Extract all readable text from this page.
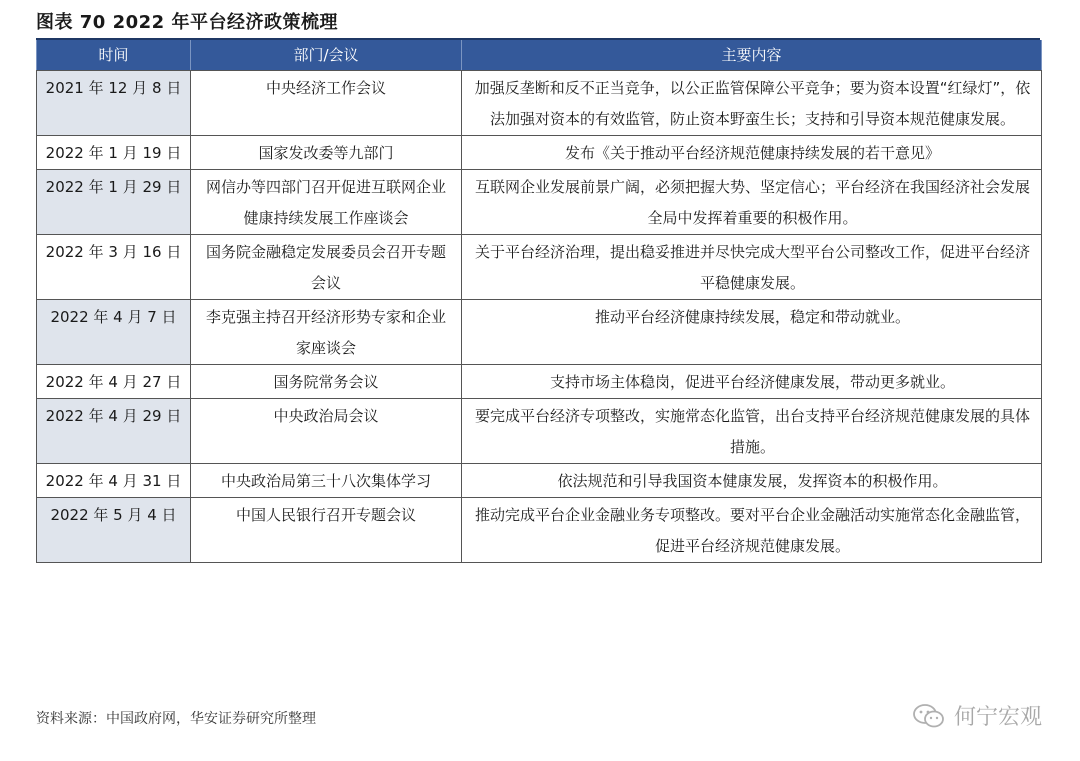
图表 70 2022 年平台经济政策梳理
时间	部门/会议	主要内容
2021 年 12 月 8 日	中央经济工作会议	加强反垄断和反不正当竞争，以公正监管保障公平竞争；要为资本设置“红绿灯”，依法加强对资本的有效监管，防止资本野蛮生长；支持和引导资本规范健康发展。
2022 年 1 月 19 日	国家发改委等九部门	发布《关于推动平台经济规范健康持续发展的若干意见》
2022 年 1 月 29 日	网信办等四部门召开促进互联网企业健康持续发展工作座谈会	互联网企业发展前景广阔，必须把握大势、坚定信心；平台经济在我国经济社会发展全局中发挥着重要的积极作用。
2022 年 3 月 16 日	国务院金融稳定发展委员会召开专题会议	关于平台经济治理，提出稳妥推进并尽快完成大型平台公司整改工作，促进平台经济平稳健康发展。
2022 年 4 月 7 日	李克强主持召开经济形势专家和企业家座谈会	推动平台经济健康持续发展，稳定和带动就业。
2022 年 4 月 27 日	国务院常务会议	支持市场主体稳岗，促进平台经济健康发展，带动更多就业。
2022 年 4 月 29 日	中央政治局会议	要完成平台经济专项整改，实施常态化监管，出台支持平台经济规范健康发展的具体措施。
2022 年 4 月 31 日	中央政治局第三十八次集体学习	依法规范和引导我国资本健康发展，发挥资本的积极作用。
2022 年 5 月 4 日	中国人民银行召开专题会议	推动完成平台企业金融业务专项整改。要对平台企业金融活动实施常态化金融监管，促进平台经济规范健康发展。
资料来源：中国政府网，华安证券研究所整理	何宁宏观
